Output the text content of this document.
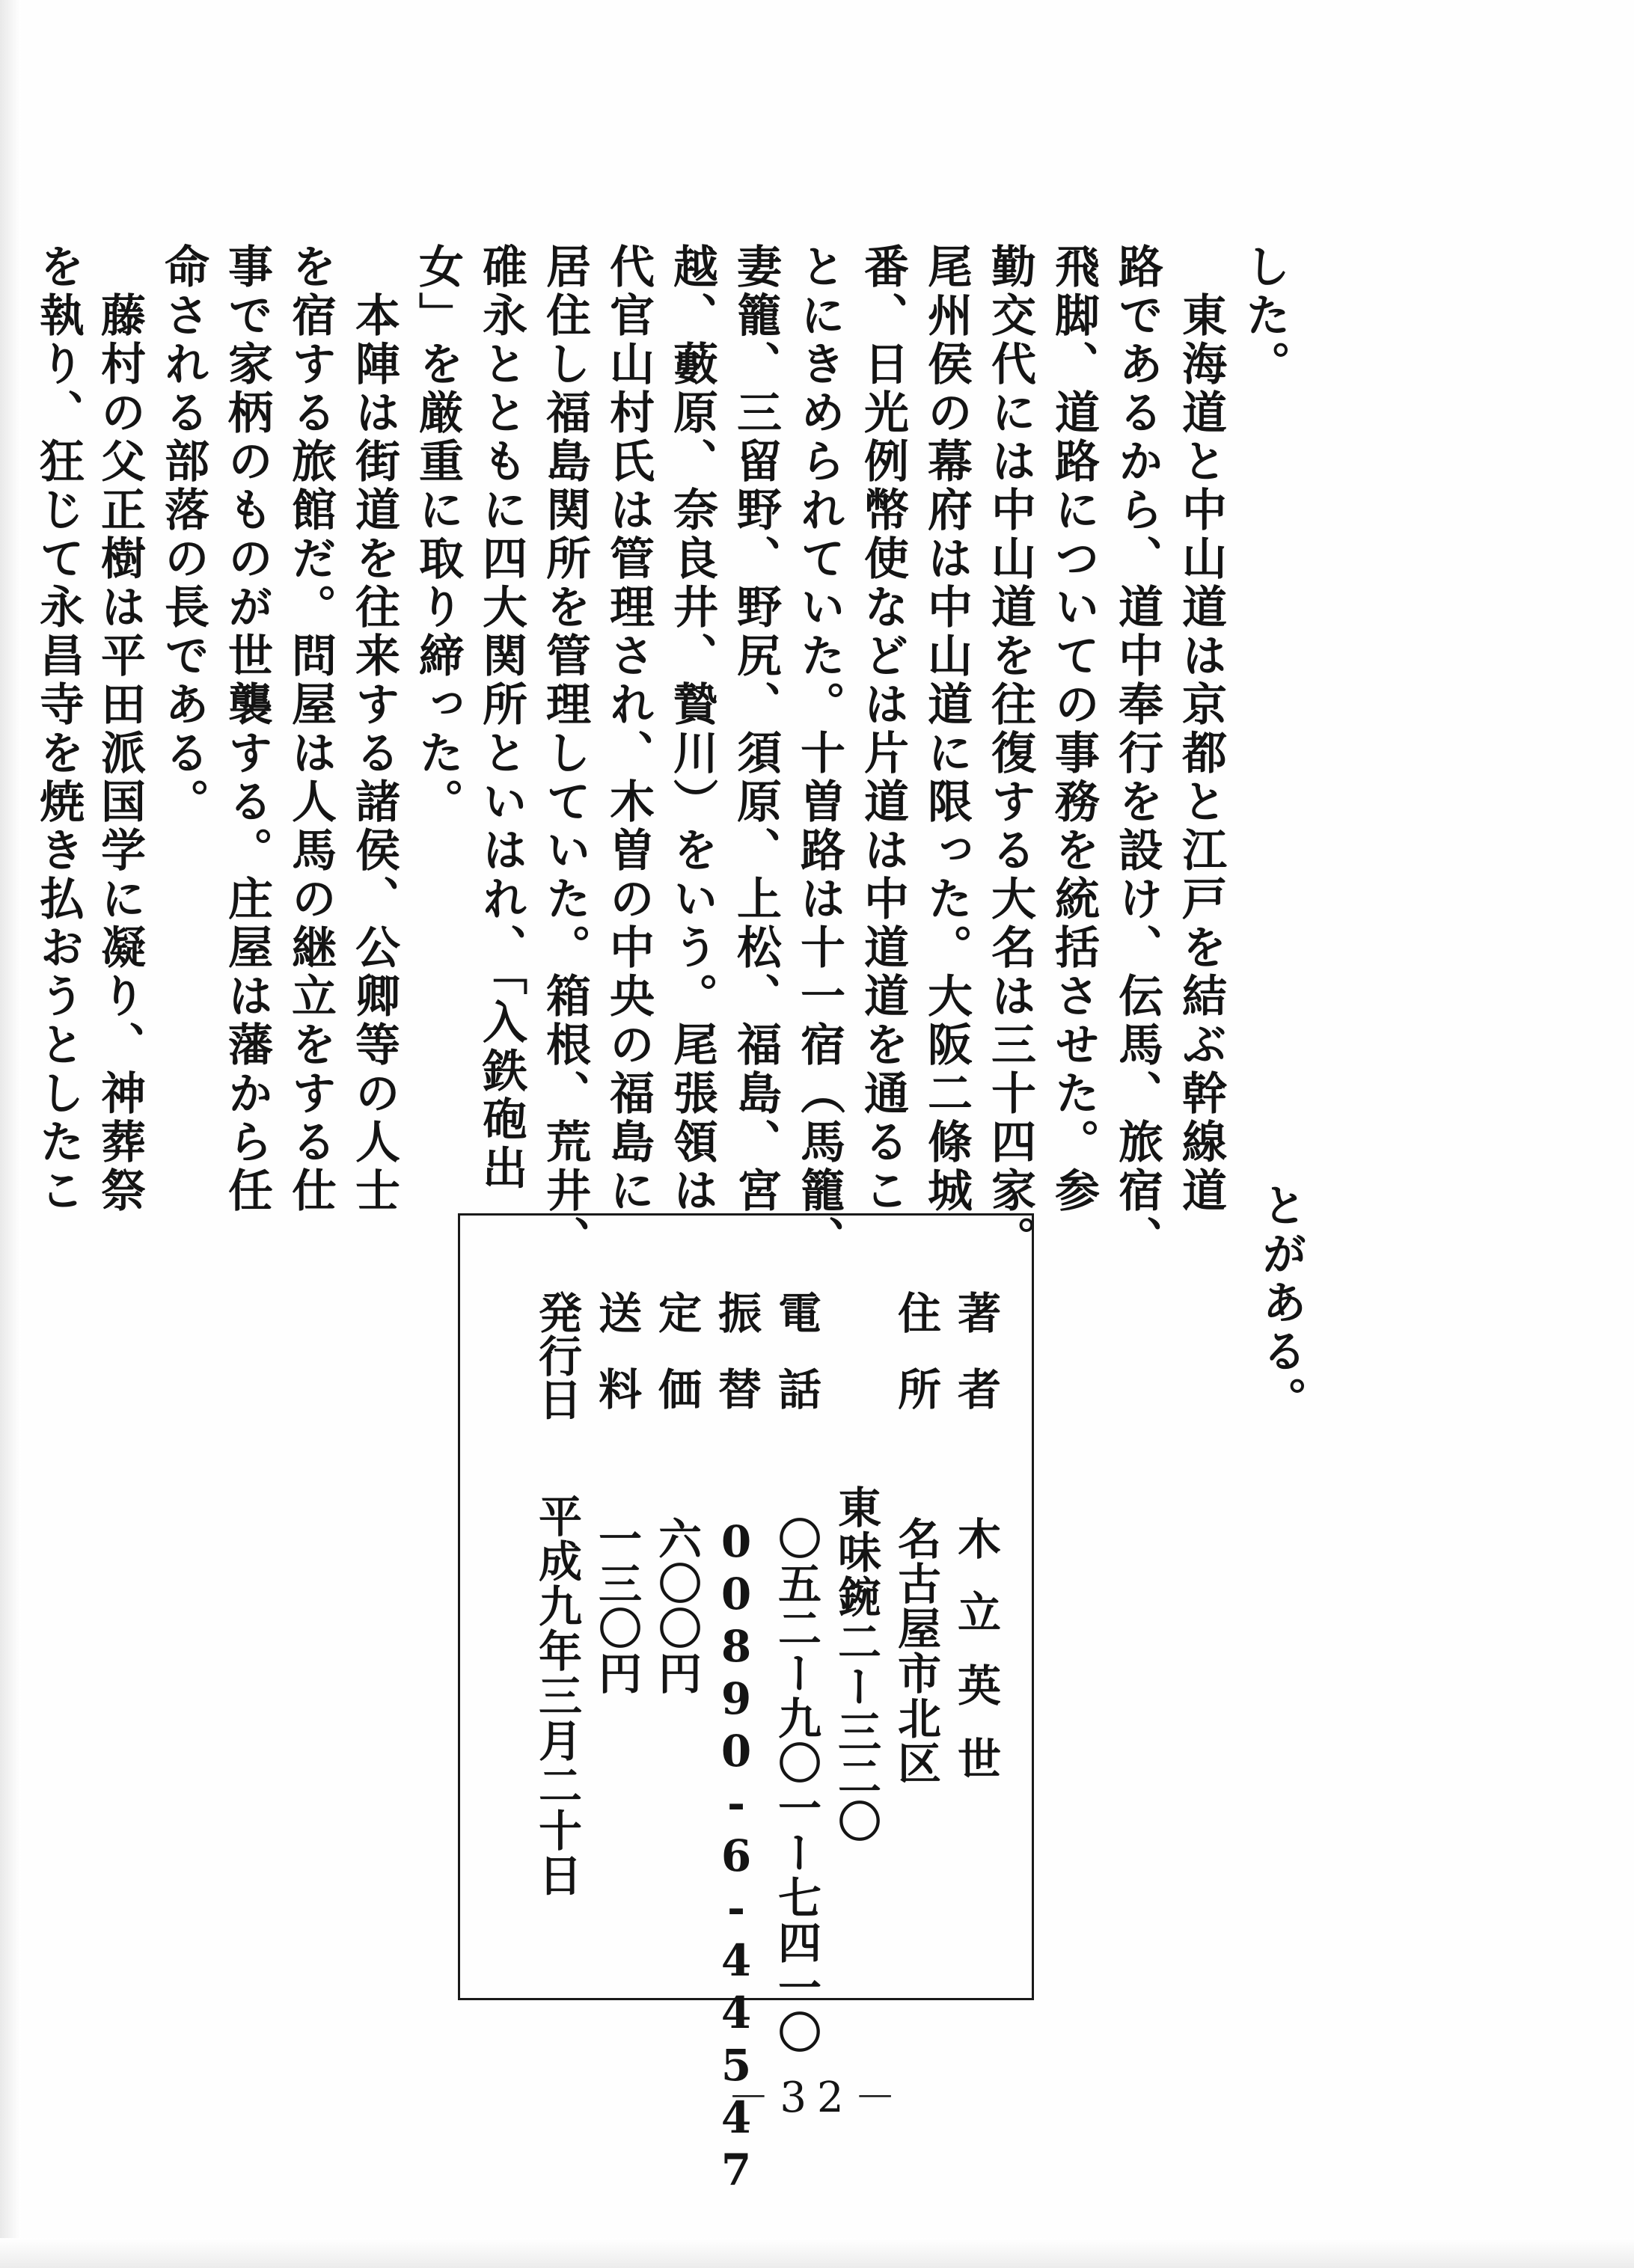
した。
　東海道と中山道は京都と江戸を結ぶ幹線道
路であるから、道中奉行を設け、伝馬、旅宿、
飛脚、道路についての事務を統括させた。参
勤交代には中山道を往復する大名は三十四家。
尾州侯の幕府は中山道に限った。大阪二條城
番、日光例幣使などは片道は中道道を通るこ
とにきめられていた。十曽路は十一宿（馬籠、
妻籠、三留野、野尻、須原、上松、福島、宮
越、藪原、奈良井、贄川）をいう。尾張領は
代官山村氏は管理され、木曽の中央の福島に
居住し福島関所を管理していた。箱根、荒井、
碓永とともに四大関所といはれ、「入鉄砲出
女」を厳重に取り締った。
　本陣は街道を往来する諸侯、公卿等の人士
を宿する旅館だ。問屋は人馬の継立をする仕
事で家柄のものが世襲する。庄屋は藩から任
命される部落の長である。
　藤村の父正樹は平田派国学に凝り、神葬祭
を執り、狂じて永昌寺を焼き払おうとしたこ
とがある。
著者 木立英世
住所 名古屋市北区
東味鋺二ー三二〇
電話 〇五二ー九〇一ー七四一〇
振替 00890-6-44547
定価 六〇〇円
送料 一三〇円
発行日 平成九年三月二十日
－32－
